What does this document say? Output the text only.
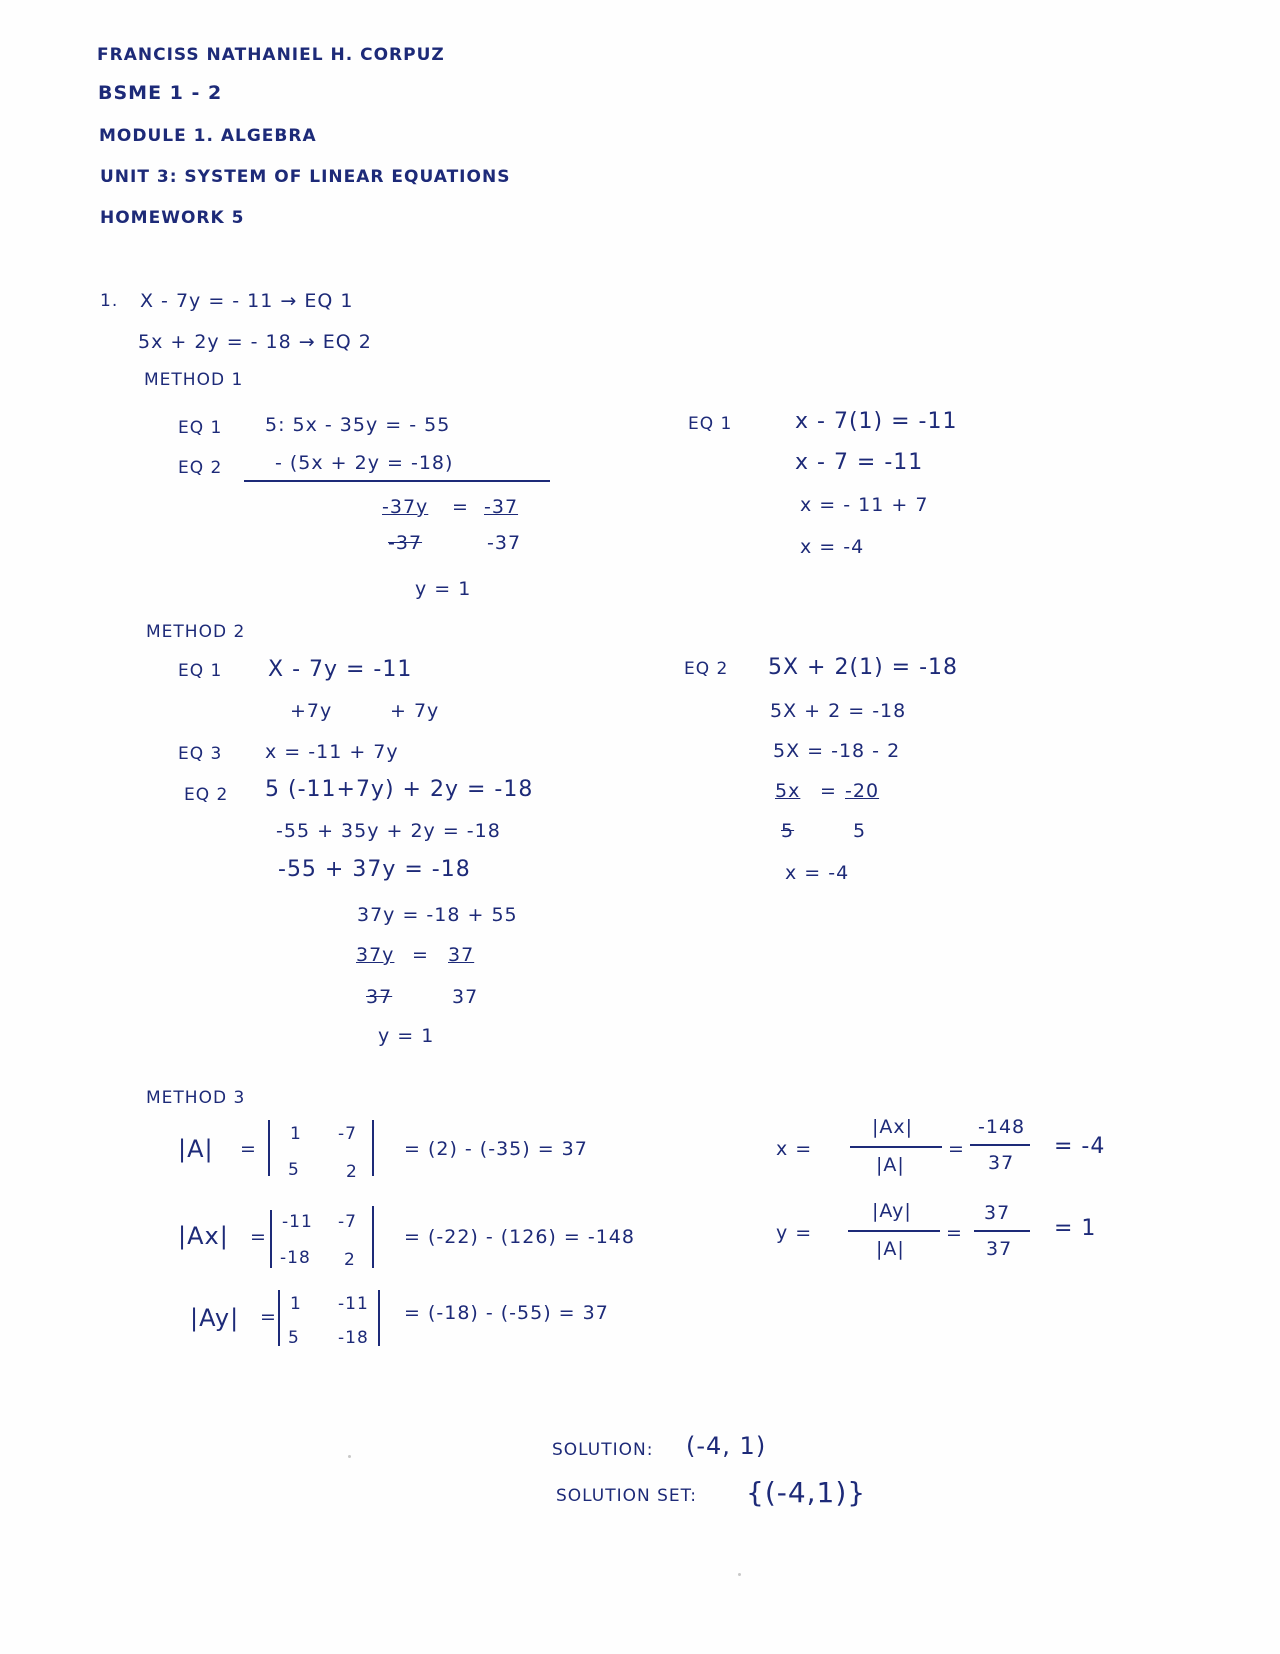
FRANCISS NATHANIEL H. CORPUZ
BSME 1 - 2
MODULE 1. ALGEBRA
UNIT 3: SYSTEM OF LINEAR EQUATIONS
HOMEWORK 5
1. X - 7y = - 11 → EQ 1
5x + 2y = - 18 → EQ 2
METHOD 1
EQ 1 5: 5x - 35y = - 55
EQ 2	- (5x + 2y = -18)
-37y = -37
-37	-37
y = 1
EQ 1	x - 7(1) = -11
x - 7 = -11
x = - 11 + 7
x = -4
METHOD 2
EQ 1 X - 7y = -11
+7y	+ 7y
EQ 3 x = -11 + 7y
EQ 2 5 (-11+7y) + 2y = -18
-55 + 35y + 2y = -18
-55 + 37y = -18
37y = -18 + 55
37y = 37
37	37
y = 1
EQ 2 5X + 2(1) = -18
5X + 2 = -18
5X = -18 - 2
5x = -20
5	5
x = -4
METHOD 3
|A| =
1 -7
5	2
= (2) - (-35) = 37
|Ax| =
-11 -7
-18 2
= (-22) - (126) = -148
|Ay| =
1 -11
5 -18
= (-18) - (-55) = 37
x =
|Ax|
|A|
=
-148
37
= -4
y =
|Ay|
|A|
=
37
37
= 1
SOLUTION: (-4, 1)
SOLUTION SET: {(-4,1)}
